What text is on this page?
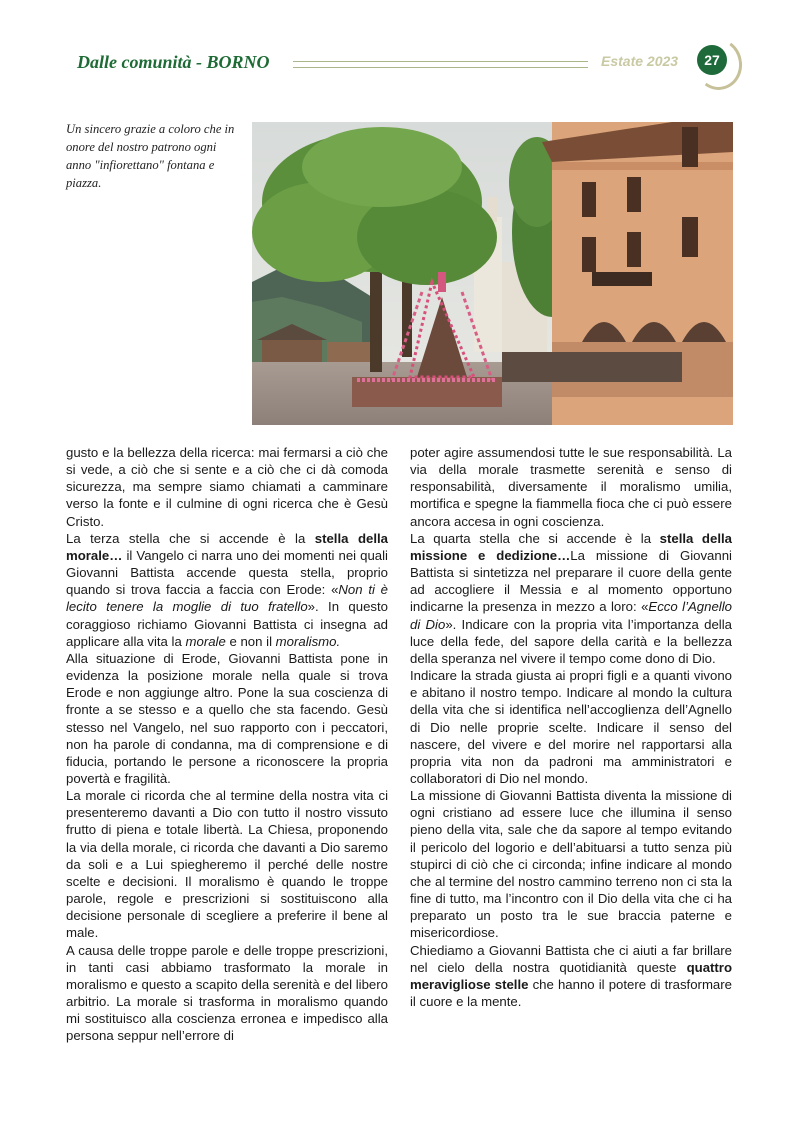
Dalle comunità - BORNO	Estate 2023	27
Un sincero grazie a coloro che in onore del nostro patrono ogni anno "infiorettano" fontana e piazza.

gusto e la bellezza della ricerca: mai fermarsi a ciò che si vede, a ciò che si sente e a ciò che ci dà comoda sicurezza, ma sempre siamo chiamati a camminare verso la fonte e il culmine di ogni ricerca che è Gesù Cristo.

La terza stella che si accende è la stella della morale… il Vangelo ci narra uno dei momenti nei quali Giovanni Battista accende questa stella, proprio quando si trova faccia a faccia con Erode: «Non ti è lecito tenere la moglie di tuo fratello». In questo coraggioso richiamo Giovanni Battista ci insegna ad applicare alla vita la morale e non il moralismo.

Alla situazione di Erode, Giovanni Battista pone in evidenza la posizione morale nella quale si trova Erode e non aggiunge altro. Pone la sua coscienza di fronte a se stesso e a quello che sta facendo. Gesù stesso nel Vangelo, nel suo rapporto con i peccatori, non ha parole di condanna, ma di comprensione e di fiducia, portando le persone a riconoscere la propria povertà e fragilità.

La morale ci ricorda che al termine della nostra vita ci presenteremo davanti a Dio con tutto il nostro vissuto frutto di piena e totale libertà. La Chiesa, proponendo la via della morale, ci ricorda che davanti a Dio saremo da soli e a Lui spiegheremo il perché delle nostre scelte e decisioni. Il moralismo è quando le troppe parole, regole e prescrizioni si sostituiscono alla decisione personale di scegliere a preferire il bene al male.

A causa delle troppe parole e delle troppe prescrizioni, in tanti casi abbiamo trasformato la morale in moralismo e questo a scapito della serenità e del libero arbitrio. La morale si trasforma in moralismo quando mi sostituisco alla coscienza erronea e impedisco alla persona seppur nell’errore di

poter agire assumendosi tutte le sue responsabilità. La via della morale trasmette serenità e senso di responsabilità, diversamente il moralismo umilia, mortifica e spegne la fiammella fioca che ci può essere ancora accesa in ogni coscienza.

La quarta stella che si accende è la stella della missione e dedizione…La missione di Giovanni Battista si sintetizza nel preparare il cuore della gente ad accogliere il Messia e al momento opportuno indicarne la presenza in mezzo a loro: «Ecco l’Agnello di Dio». Indicare con la propria vita l’importanza della luce della fede, del sapore della carità e la bellezza della speranza nel vivere il tempo come dono di Dio.

Indicare la strada giusta ai propri figli e a quanti vivono e abitano il nostro tempo. Indicare al mondo la cultura della vita che si identifica nell’accoglienza dell’Agnello di Dio nelle proprie scelte. Indicare il senso del nascere, del vivere e del morire nel rapportarsi alla propria vita non da padroni ma amministratori e collaboratori di Dio nel mondo.

La missione di Giovanni Battista diventa la missione di ogni cristiano ad essere luce che illumina il senso pieno della vita, sale che da sapore al tempo evitando il pericolo del logorio e dell’abituarsi a tutto senza più stupirci di ciò che ci circonda; infine indicare al mondo che al termine del nostro cammino terreno non ci sta la fine di tutto, ma l’incontro con il Dio della vita che ci ha preparato un posto tra le sue braccia paterne e misericordiose.

Chiediamo a Giovanni Battista che ci aiuti a far brillare nel cielo della nostra quotidianità queste quattro meravigliose stelle che hanno il potere di trasformare il cuore e la mente.
